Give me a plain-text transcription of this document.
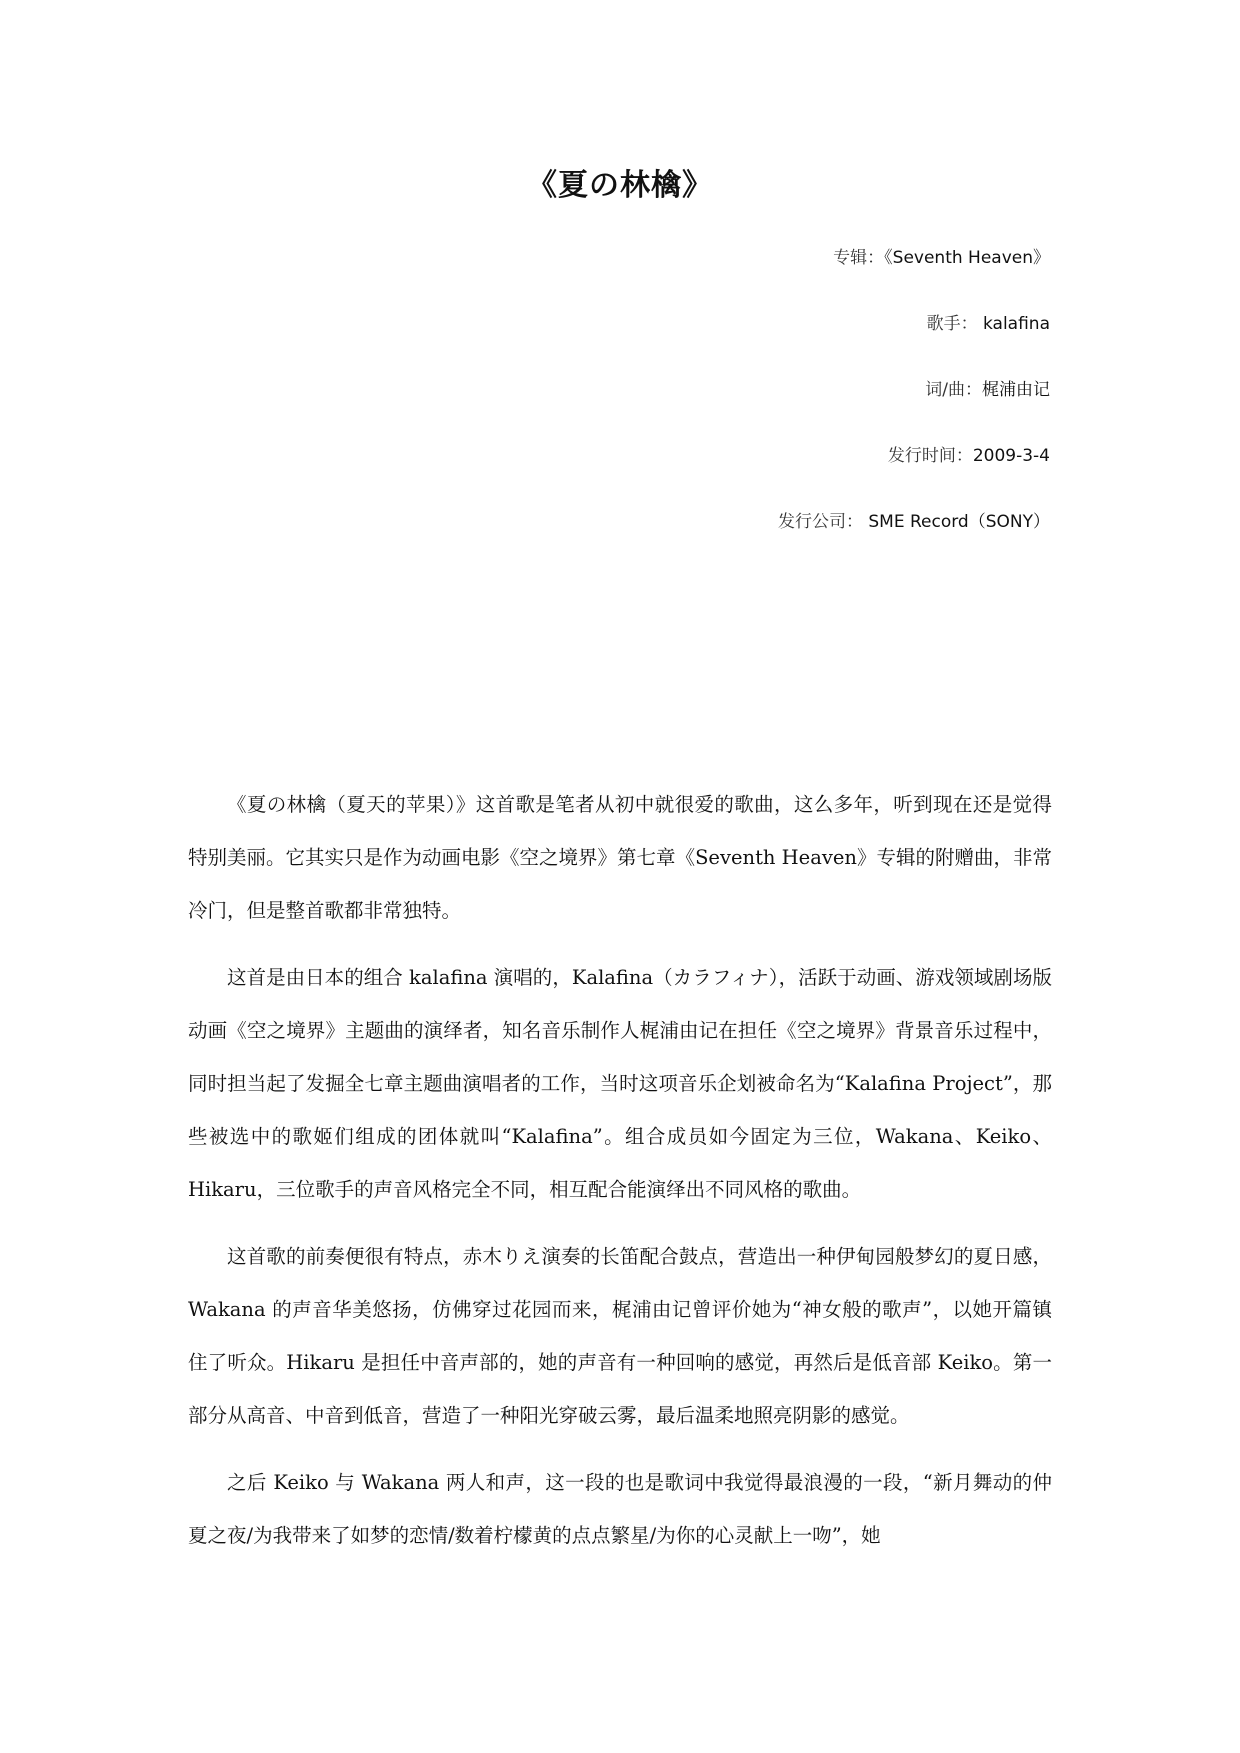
《夏の林檎》
专辑：《Seventh Heaven》
歌手： kalafina
词/曲：梶浦由记
发行时间：2009-3-4
发行公司： SME Record（SONY）

《夏の林檎（夏天的苹果）》这首歌是笔者从初中就很爱的歌曲，这么多年，听到现在还是觉得特别美丽。它其实只是作为动画电影《空之境界》第七章《Seventh Heaven》专辑的附赠曲，非常冷门，但是整首歌都非常独特。

这首是由日本的组合 kalafina 演唱的，Kalafina（カラフィナ），活跃于动画、游戏领域剧场版动画《空之境界》主题曲的演绎者，知名音乐制作人梶浦由记在担任《空之境界》背景音乐过程中，同时担当起了发掘全七章主题曲演唱者的工作，当时这项音乐企划被命名为“Kalafina Project”，那些被选中的歌姬们组成的团体就叫“Kalafina”。组合成员如今固定为三位，Wakana、Keiko、Hikaru，三位歌手的声音风格完全不同，相互配合能演绎出不同风格的歌曲。

这首歌的前奏便很有特点，赤木りえ演奏的长笛配合鼓点，营造出一种伊甸园般梦幻的夏日感，Wakana 的声音华美悠扬，仿佛穿过花园而来，梶浦由记曾评价她为“神女般的歌声”，以她开篇镇住了听众。Hikaru 是担任中音声部的，她的声音有一种回响的感觉，再然后是低音部 Keiko。第一部分从高音、中音到低音，营造了一种阳光穿破云雾，最后温柔地照亮阴影的感觉。

之后 Keiko 与 Wakana 两人和声，这一段的也是歌词中我觉得最浪漫的一段，“新月舞动的仲夏之夜/为我带来了如梦的恋情/数着柠檬黄的点点繁星/为你的心灵献上一吻”，她
